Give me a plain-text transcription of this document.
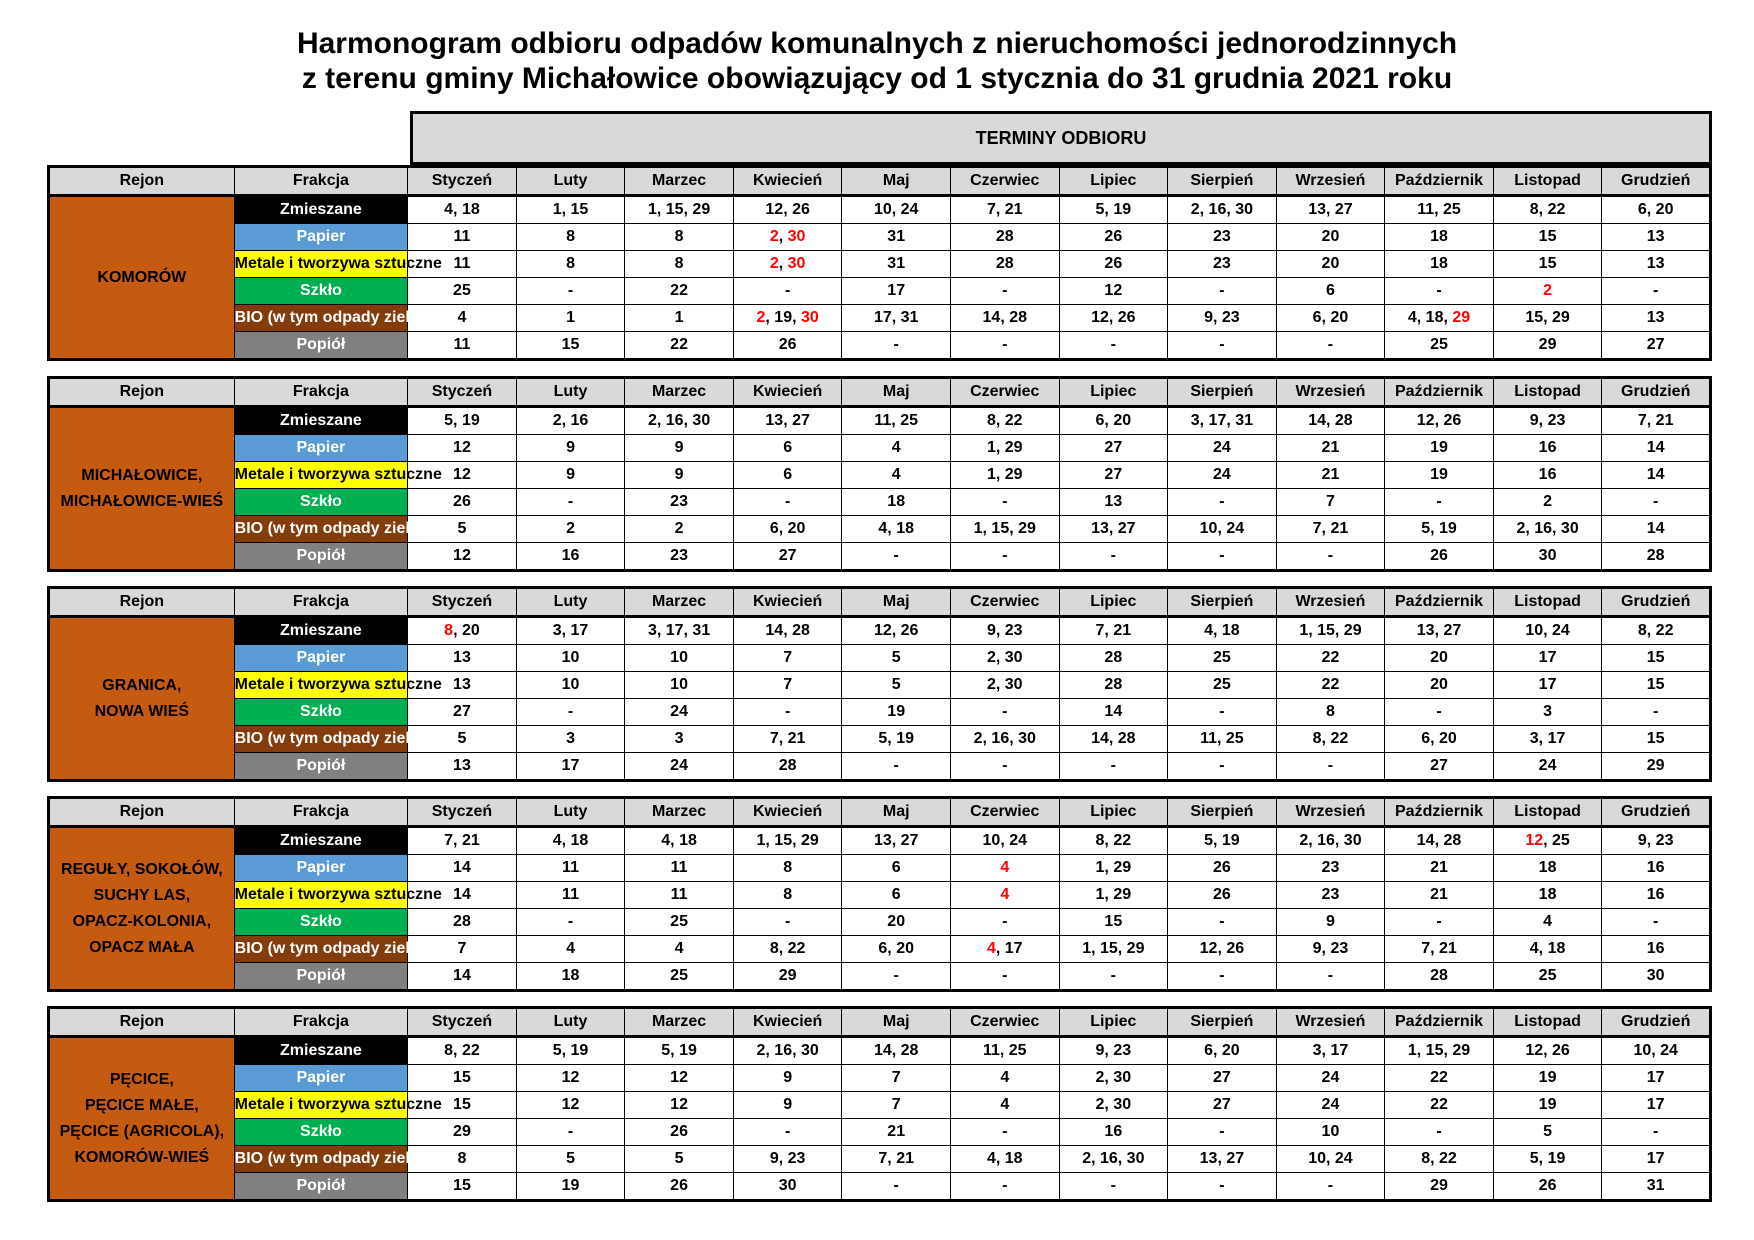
Harmonogram odbioru odpadów komunalnych z nieruchomości jednorodzinnych
z terenu gminy Michałowice obowiązujący od 1 stycznia do 31 grudnia 2021 roku
TERMINY ODBIORU
Rejon	Frakcja	Styczeń	Luty	Marzec	Kwiecień	Maj	Czerwiec	Lipiec	Sierpień	Wrzesień	Październik	Listopad	Grudzień

KOMORÓW	Zmieszane	4, 18	1, 15	1, 15, 29	12, 26	10, 24	7, 21	5, 19	2, 16, 30	13, 27	11, 25	8, 22	6, 20
	Papier	11	8	8	2, 30	31	28	26	23	20	18	15	13
	Metale i tworzywa sztuczne	11	8	8	2, 30	31	28	26	23	20	18	15	13
	Szkło	25	-	22	-	17	-	12	-	6	-	2	-
	BIO (w tym odpady zielone)	4	1	1	2, 19, 30	17, 31	14, 28	12, 26	9, 23	6, 20	4, 18, 29	15, 29	13
	Popiół	11	15	22	26	-	-	-	-	-	25	29	27
Rejon	Frakcja	Styczeń	Luty	Marzec	Kwiecień	Maj	Czerwiec	Lipiec	Sierpień	Wrzesień	Październik	Listopad	Grudzień

MICHAŁOWICE,
MICHAŁOWICE-WIEŚ	Zmieszane	5, 19	2, 16	2, 16, 30	13, 27	11, 25	8, 22	6, 20	3, 17, 31	14, 28	12, 26	9, 23	7, 21
	Papier	12	9	9	6	4	1, 29	27	24	21	19	16	14
	Metale i tworzywa sztuczne	12	9	9	6	4	1, 29	27	24	21	19	16	14
	Szkło	26	-	23	-	18	-	13	-	7	-	2	-
	BIO (w tym odpady zielone)	5	2	2	6, 20	4, 18	1, 15, 29	13, 27	10, 24	7, 21	5, 19	2, 16, 30	14
	Popiół	12	16	23	27	-	-	-	-	-	26	30	28
Rejon	Frakcja	Styczeń	Luty	Marzec	Kwiecień	Maj	Czerwiec	Lipiec	Sierpień	Wrzesień	Październik	Listopad	Grudzień

GRANICA,
NOWA WIEŚ	Zmieszane	8, 20	3, 17	3, 17, 31	14, 28	12, 26	9, 23	7, 21	4, 18	1, 15, 29	13, 27	10, 24	8, 22
	Papier	13	10	10	7	5	2, 30	28	25	22	20	17	15
	Metale i tworzywa sztuczne	13	10	10	7	5	2, 30	28	25	22	20	17	15
	Szkło	27	-	24	-	19	-	14	-	8	-	3	-
	BIO (w tym odpady zielone)	5	3	3	7, 21	5, 19	2, 16, 30	14, 28	11, 25	8, 22	6, 20	3, 17	15
	Popiół	13	17	24	28	-	-	-	-	-	27	24	29
Rejon	Frakcja	Styczeń	Luty	Marzec	Kwiecień	Maj	Czerwiec	Lipiec	Sierpień	Wrzesień	Październik	Listopad	Grudzień

REGUŁY, SOKOŁÓW,
SUCHY LAS,
OPACZ-KOLONIA,
OPACZ MAŁA	Zmieszane	7, 21	4, 18	4, 18	1, 15, 29	13, 27	10, 24	8, 22	5, 19	2, 16, 30	14, 28	12, 25	9, 23
	Papier	14	11	11	8	6	4	1, 29	26	23	21	18	16
	Metale i tworzywa sztuczne	14	11	11	8	6	4	1, 29	26	23	21	18	16
	Szkło	28	-	25	-	20	-	15	-	9	-	4	-
	BIO (w tym odpady zielone)	7	4	4	8, 22	6, 20	4, 17	1, 15, 29	12, 26	9, 23	7, 21	4, 18	16
	Popiół	14	18	25	29	-	-	-	-	-	28	25	30
Rejon	Frakcja	Styczeń	Luty	Marzec	Kwiecień	Maj	Czerwiec	Lipiec	Sierpień	Wrzesień	Październik	Listopad	Grudzień

PĘCICE,
PĘCICE MAŁE,
PĘCICE (AGRICOLA),
KOMORÓW-WIEŚ	Zmieszane	8, 22	5, 19	5, 19	2, 16, 30	14, 28	11, 25	9, 23	6, 20	3, 17	1, 15, 29	12, 26	10, 24
	Papier	15	12	12	9	7	4	2, 30	27	24	22	19	17
	Metale i tworzywa sztuczne	15	12	12	9	7	4	2, 30	27	24	22	19	17
	Szkło	29	-	26	-	21	-	16	-	10	-	5	-
	BIO (w tym odpady zielone)	8	5	5	9, 23	7, 21	4, 18	2, 16, 30	13, 27	10, 24	8, 22	5, 19	17
	Popiół	15	19	26	30	-	-	-	-	-	29	26	31
